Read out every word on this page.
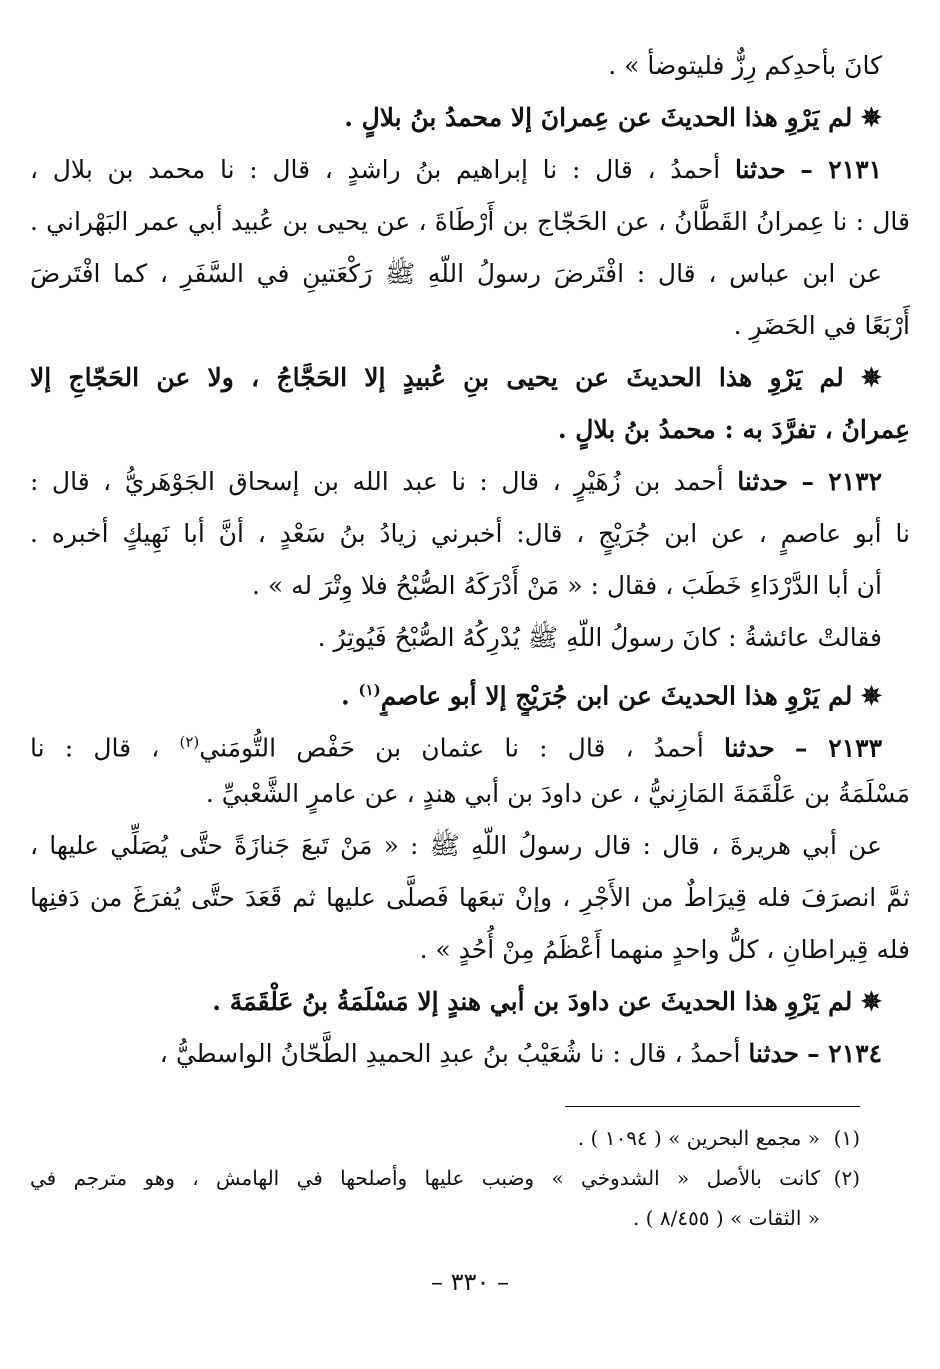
كانَ بأحدِكم رِزٌّ فليتوضأ » .
✵ لم يَرْوِ هذا الحديثَ عن عِمرانَ إلا محمدُ بنُ بلالٍ .
٢١٣١ – حدثنا أحمدُ ، قال : نا إبراهيم بنُ راشدٍ ، قال : نا محمد بن بلال ،
قال : نا عِمرانُ القَطَّانُ ، عن الحَجّاج بن أَرْطَاةَ ، عن يحيى بن عُبيد أبي عمر البَهْراني .
عن ابن عباس ، قال : افْتَرضَ رسولُ اللّهِ ﷺ رَكْعَتينِ في السَّفَرِ ، كما افْتَرضَ
أَرْبَعًا في الحَضَرِ .
✵ لم يَرْوِ هذا الحديثَ عن يحيى بنِ عُبيدٍ إلا الحَجَّاجُ ، ولا عن الحَجّاجِ إلا
عِمرانُ ، تفرَّدَ به : محمدُ بنُ بلالٍ .
٢١٣٢ – حدثنا أحمد بن زُهَيْرٍ ، قال : نا عبد الله بن إسحاق الجَوْهَريُّ ، قال :
نا أبو عاصمٍ ، عن ابن جُرَيْجٍ ، قال: أخبرني زيادُ بنُ سَعْدٍ ، أنَّ أبا نَهِيكٍ أخبره .
أن أبا الدَّرْدَاءِ خَطَبَ ، فقال : « مَنْ أَدْرَكَهُ الصُّبْحُ فلا وِتْرَ له » .
فقالتْ عائشةُ : كانَ رسولُ اللّهِ ﷺ يُدْرِكُهُ الصُّبْحُ فَيُوتِرُ .
✵ لم يَرْوِ هذا الحديثَ عن ابن جُرَيْجٍ إلا أبو عاصمٍ$^{(١)}$ .
٢١٣٣ – حدثنا أحمدُ ، قال : نا عثمان بن حَفْص التُّومَني$^{(٢)}$ ، قال : نا
مَسْلَمَةُ بن عَلْقَمَةَ المَازِنيُّ ، عن داودَ بن أبي هندٍ ، عن عامرٍ الشَّعْبيِّ .
عن أبي هريرةَ ، قال : قال رسولُ اللّهِ ﷺ : « مَنْ تَبعَ جَنازَةً حتَّى يُصَلِّي عليها ،
ثمَّ انصرَفَ فله قِيرَاطٌ من الأَجْرِ ، وإنْ تبعَها فَصلَّى عليها ثم قَعَدَ حتَّى يُفرَغَ من دَفنِها
فله قِيراطانِ ، كلُّ واحدٍ منهما أَعْظَمُ مِنْ أُحُدٍ » .
✵ لم يَرْوِ هذا الحديثَ عن داودَ بن أبي هندٍ إلا مَسْلَمَةُ بنُ عَلْقَمَةَ .
٢١٣٤ – حدثنا أحمدُ ، قال : نا شُعَيْبُ بنُ عبدِ الحميدِ الطَّحّانُ الواسطيُّ ،
(١)« مجمع البحرين » ( ١٠٩٤ ) .
(٢)كانت بالأصل « الشدوخي » وضبب عليها وأصلحها في الهامش ، وهو مترجم في
« الثقات » ( ٨/٤٥٥ ) .
– ٣٣٠ –
